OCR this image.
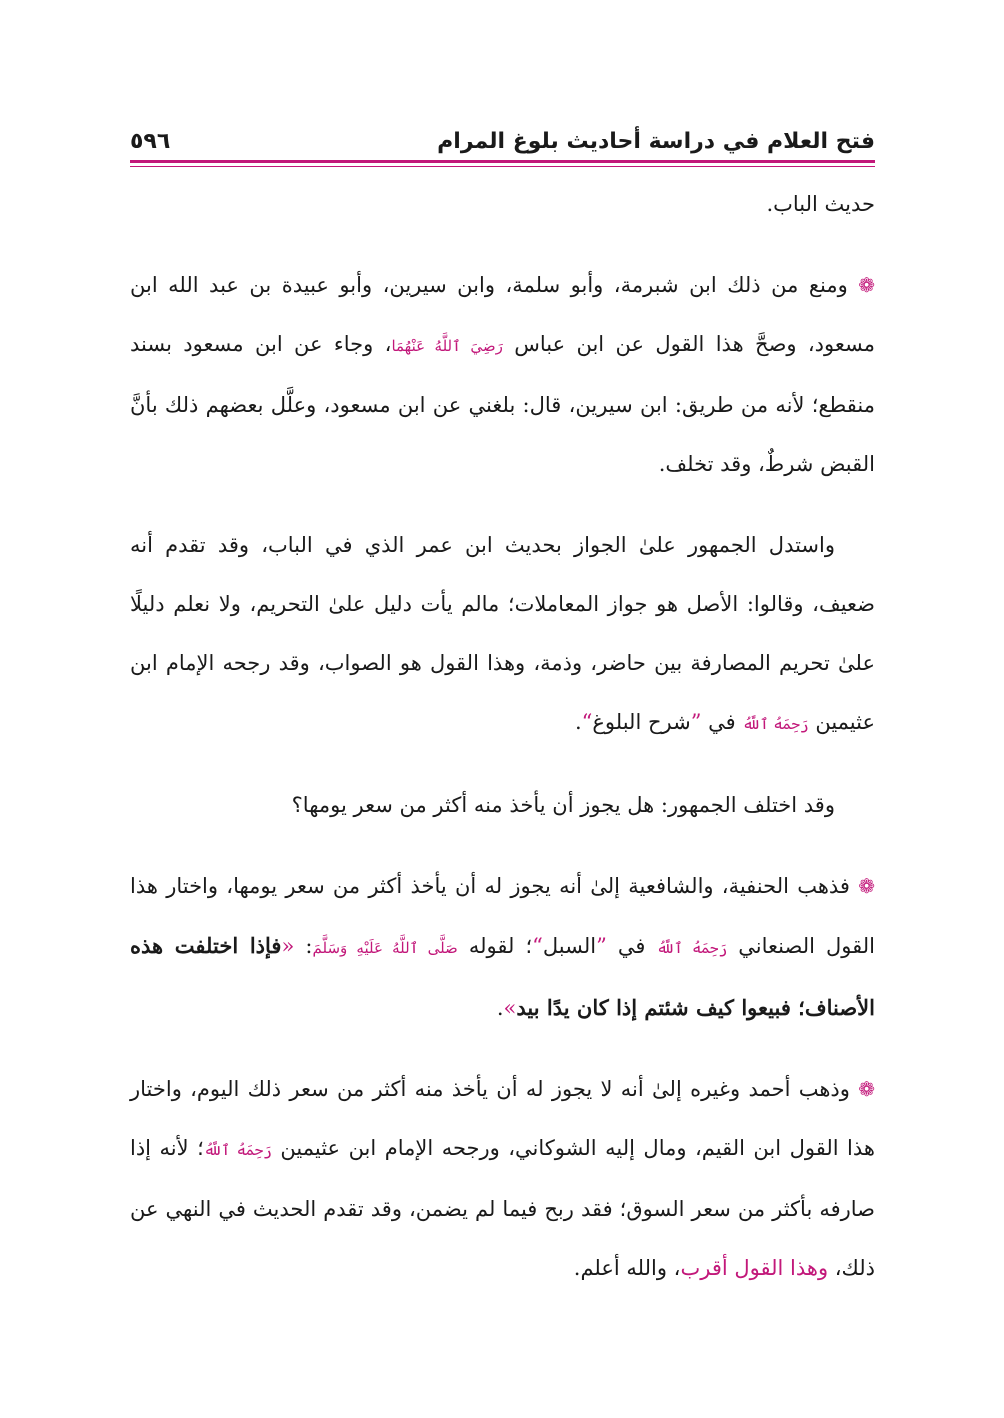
فتح العلام في دراسة أحاديث بلوغ المرام
٥٩٦

حديث الباب.

❁ ومنع من ذلك ابن شبرمة، وأبو سلمة، وابن سيرين، وأبو عبيدة بن عبد الله ابن مسعود، وصحَّ هذا القول عن ابن عباس رَضِيَ ٱللَّهُ عَنْهُمَا، وجاء عن ابن مسعود بسند منقطع؛ لأنه من طريق: ابن سيرين، قال: بلغني عن ابن مسعود، وعلَّل بعضهم ذلك بأنَّ القبض شرطٌ، وقد تخلف.

واستدل الجمهور علىٰ الجواز بحديث ابن عمر الذي في الباب، وقد تقدم أنه ضعيف، وقالوا: الأصل هو جواز المعاملات؛ مالم يأت دليل علىٰ التحريم، ولا نعلم دليلًا علىٰ تحريم المصارفة بين حاضر، وذمة، وهذا القول هو الصواب، وقد رجحه الإمام ابن عثيمين رَحِمَهُ ٱللَّهُ في ”شرح البلوغ“.

وقد اختلف الجمهور: هل يجوز أن يأخذ منه أكثر من سعر يومها؟

❁ فذهب الحنفية، والشافعية إلىٰ أنه يجوز له أن يأخذ أكثر من سعر يومها، واختار هذا القول الصنعاني رَحِمَهُ ٱللَّهُ في ”السبل“؛ لقوله صَلَّى ٱللَّهُ عَلَيْهِ وَسَلَّمَ: «فإذا اختلفت هذه الأصناف؛ فبيعوا كيف شئتم إذا كان يدًا بيد».

❁ وذهب أحمد وغيره إلىٰ أنه لا يجوز له أن يأخذ منه أكثر من سعر ذلك اليوم، واختار هذا القول ابن القيم، ومال إليه الشوكاني، ورجحه الإمام ابن عثيمين رَحِمَهُ ٱللَّهُ؛ لأنه إذا صارفه بأكثر من سعر السوق؛ فقد ربح فيما لم يضمن، وقد تقدم الحديث في النهي عن ذلك، وهذا القول أقرب، والله أعلم.
